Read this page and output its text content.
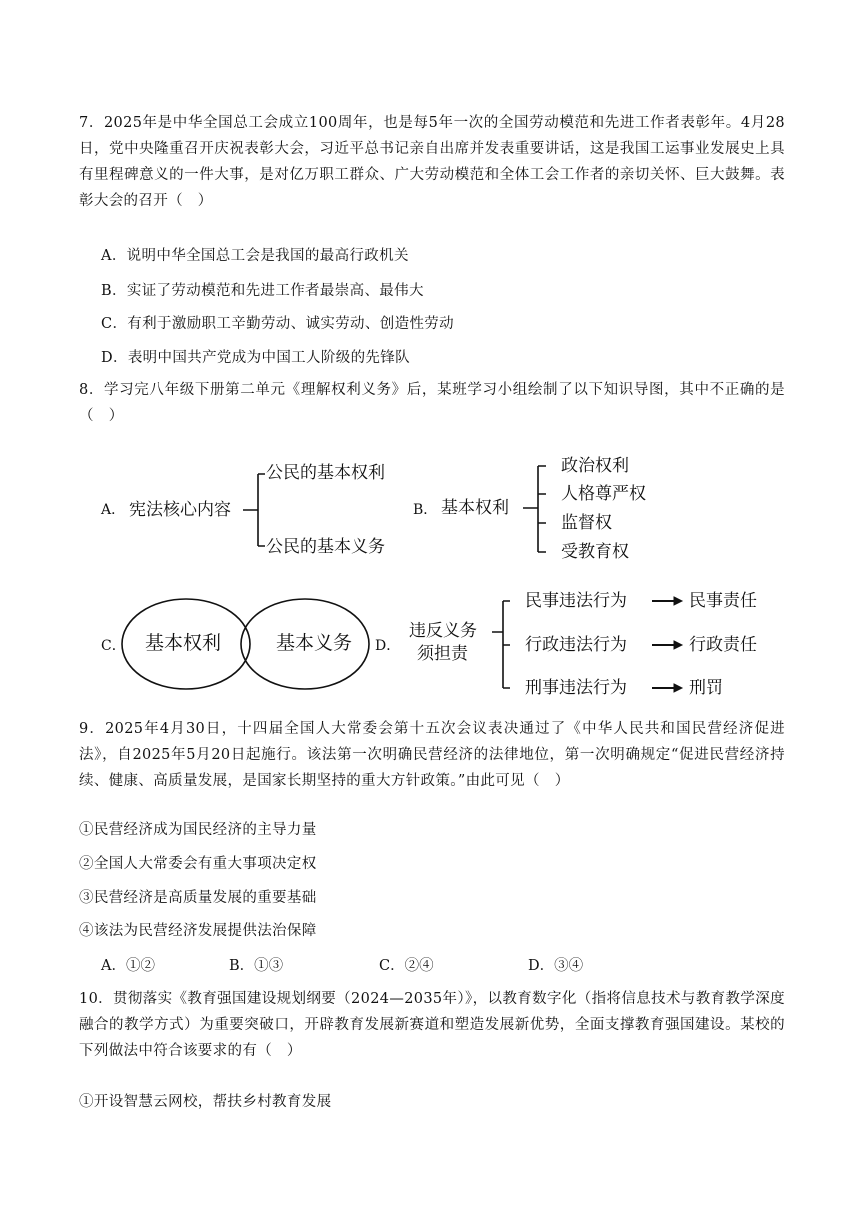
7．2025年是中华全国总工会成立100周年，也是每5年一次的全国劳动模范和先进工作者表彰年。4月28日，党中央隆重召开庆祝表彰大会，习近平总书记亲自出席并发表重要讲话，这是我国工运事业发展史上具有里程碑意义的一件大事，是对亿万职工群众、广大劳动模范和全体工会工作者的亲切关怀、巨大鼓舞。表彰大会的召开（　）
A．说明中华全国总工会是我国的最高行政机关
B．实证了劳动模范和先进工作者最崇高、最伟大
C．有利于激励职工辛勤劳动、诚实劳动、创造性劳动
D．表明中国共产党成为中国工人阶级的先锋队
8．学习完八年级下册第二单元《理解权利义务》后，某班学习小组绘制了以下知识导图，其中不正确的是（　）
A． 宪法核心内容
公民的基本权利
公民的基本义务
B． 基本权利
政治权利
人格尊严权
监督权
受教育权
C． 基本权利	基本义务 D．
违反义务
须担责
民事违法行为	民事责任
行政违法行为	行政责任
刑事违法行为	刑罚
9．2025年4月30日，十四届全国人大常委会第十五次会议表决通过了《中华人民共和国民营经济促进法》，自2025年5月20日起施行。该法第一次明确民营经济的法律地位，第一次明确规定“促进民营经济持续、健康、高质量发展，是国家长期坚持的重大方针政策。”由此可见（　）
①民营经济成为国民经济的主导力量
②全国人大常委会有重大事项决定权
③民营经济是高质量发展的重要基础
④该法为民营经济发展提供法治保障
A．①②	B．①③	C．②④	D．③④
10．贯彻落实《教育强国建设规划纲要（2024—2035年）》，以教育数字化（指将信息技术与教育教学深度融合的教学方式）为重要突破口，开辟教育发展新赛道和塑造发展新优势，全面支撑教育强国建设。某校的下列做法中符合该要求的有（　）
①开设智慧云网校，帮扶乡村教育发展
